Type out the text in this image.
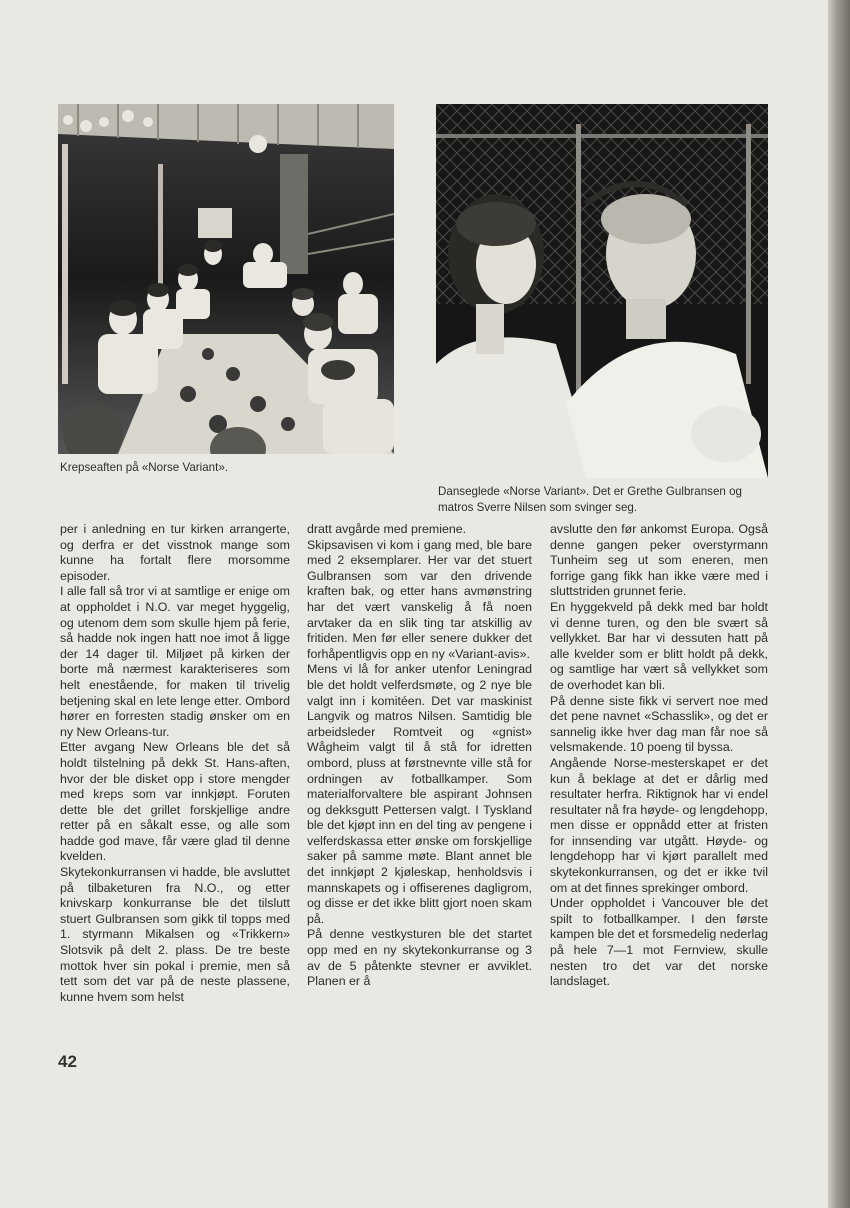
Krepseaften på «Norse Variant».
Danseglede «Norse Variant». Det er Grethe Gulbransen og matros Sverre Nilsen som svinger seg.

per i anledning en tur kirken arrangerte, og derfra er det visstnok mange som kunne ha fortalt flere morsomme episoder.

I alle fall så tror vi at samtlige er enige om at oppholdet i N.O. var meget hyggelig, og utenom dem som skulle hjem på ferie, så hadde nok ingen hatt noe imot å ligge der 14 dager til. Miljøet på kirken der borte må nærmest karakteriseres som helt enestående, for maken til trivelig betjening skal en lete lenge etter. Ombord hører en forresten stadig ønsker om en ny New Orleans-tur.

Etter avgang New Orleans ble det så holdt tilstelning på dekk St. Hans-aften, hvor der ble disket opp i store mengder med kreps som var innkjøpt. Foruten dette ble det grillet forskjellige andre retter på en såkalt esse, og alle som hadde god mave, får være glad til denne kvelden.

Skytekonkurransen vi hadde, ble avsluttet på tilbaketuren fra N.O., og etter knivskarp konkurranse ble det tilslutt stuert Gulbransen som gikk til topps med 1. styrmann Mikalsen og «Trikkern» Slotsvik på delt 2. plass. De tre beste mottok hver sin pokal i premie, men så tett som det var på de neste plassene, kunne hvem som helst

dratt avgårde med premiene.

Skipsavisen vi kom i gang med, ble bare med 2 eksemplarer. Her var det stuert Gulbransen som var den drivende kraften bak, og etter hans avmønstring har det vært vanskelig å få noen arvtaker da en slik ting tar atskillig av fritiden. Men før eller senere dukker det forhåpentligvis opp en ny «Variant-avis».

Mens vi lå for anker utenfor Leningrad ble det holdt velferdsmøte, og 2 nye ble valgt inn i komitéen. Det var maskinist Langvik og matros Nilsen. Samtidig ble arbeidsleder Romtveit og «gnist» Wågheim valgt til å stå for idretten ombord, pluss at førstnevnte ville stå for ordningen av fotballkamper. Som materialforvaltere ble aspirant Johnsen og dekksgutt Pettersen valgt. I Tyskland ble det kjøpt inn en del ting av pengene i velferdskassa etter ønske om forskjellige saker på samme møte. Blant annet ble det innkjøpt 2 kjøleskap, henholdsvis i mannskapets og i offiserenes dagligrom, og disse er det ikke blitt gjort noen skam på.

På denne vestkysturen ble det startet opp med en ny skytekonkurranse og 3 av de 5 påtenkte stevner er avviklet. Planen er å

avslutte den før ankomst Europa. Også denne gangen peker overstyrmann Tunheim seg ut som eneren, men forrige gang fikk han ikke være med i sluttstriden grunnet ferie.

En hyggekveld på dekk med bar holdt vi denne turen, og den ble svært så vellykket. Bar har vi dessuten hatt på alle kvelder som er blitt holdt på dekk, og samtlige har vært så vellykket som de overhodet kan bli.

På denne siste fikk vi servert noe med det pene navnet «Schasslik», og det er sannelig ikke hver dag man får noe så velsmakende. 10 poeng til byssa.

Angående Norse-mesterskapet er det kun å beklage at det er dårlig med resultater herfra. Riktignok har vi endel resultater nå fra høyde- og lengdehopp, men disse er oppnådd etter at fristen for innsending var utgått. Høyde- og lengdehopp har vi kjørt parallelt med skytekonkurransen, og det er ikke tvil om at det finnes sprekinger ombord.

Under oppholdet i Vancouver ble det spilt to fotballkamper. I den første kampen ble det et forsmedelig nederlag på hele 7—1 mot Fernview, skulle nesten tro det var det norske landslaget.

42
